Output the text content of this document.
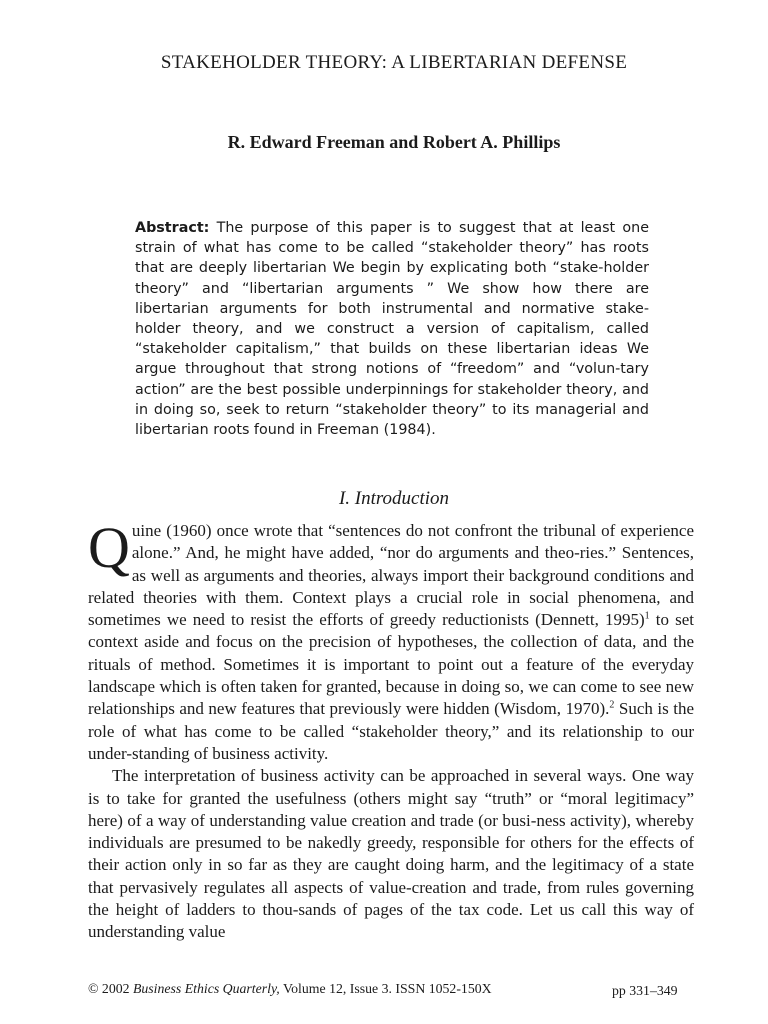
STAKEHOLDER THEORY: A LIBERTARIAN DEFENSE
R. Edward Freeman and Robert A. Phillips

Abstract: The purpose of this paper is to suggest that at least one strain of what has come to be called “stakeholder theory” has roots that are deeply libertarian We begin by explicating both “stake-holder theory” and “libertarian arguments ” We show how there are libertarian arguments for both instrumental and normative stake-holder theory, and we construct a version of capitalism, called “stakeholder capitalism,” that builds on these libertarian ideas We argue throughout that strong notions of “freedom” and “volun-tary action” are the best possible underpinnings for stakeholder theory, and in doing so, seek to return “stakeholder theory” to its managerial and libertarian roots found in Freeman (1984).

I. Introduction

Quine (1960) once wrote that “sentences do not confront the tribunal of experience alone.” And, he might have added, “nor do arguments and theo-ries.” Sentences, as well as arguments and theories, always import their background conditions and related theories with them. Context plays a crucial role in social phenomena, and sometimes we need to resist the efforts of greedy reductionists (Dennett, 1995)$^1$ to set context aside and focus on the precision of hypotheses, the collection of data, and the rituals of method. Sometimes it is important to point out a feature of the everyday landscape which is often taken for granted, because in doing so, we can come to see new relationships and new features that previously were hidden (Wisdom, 1970).$^2$ Such is the role of what has come to be called “stakeholder theory,” and its relationship to our under-standing of business activity.

The interpretation of business activity can be approached in several ways. One way is to take for granted the usefulness (others might say “truth” or “moral legitimacy” here) of a way of understanding value creation and trade (or busi-ness activity), whereby individuals are presumed to be nakedly greedy, responsible for others for the effects of their action only in so far as they are caught doing harm, and the legitimacy of a state that pervasively regulates all aspects of value-creation and trade, from rules governing the height of ladders to thou-sands of pages of the tax code. Let us call this way of understanding value

© 2002 Business Ethics Quarterly, Volume 12, Issue 3. ISSN 1052-150X	pp 331–349
